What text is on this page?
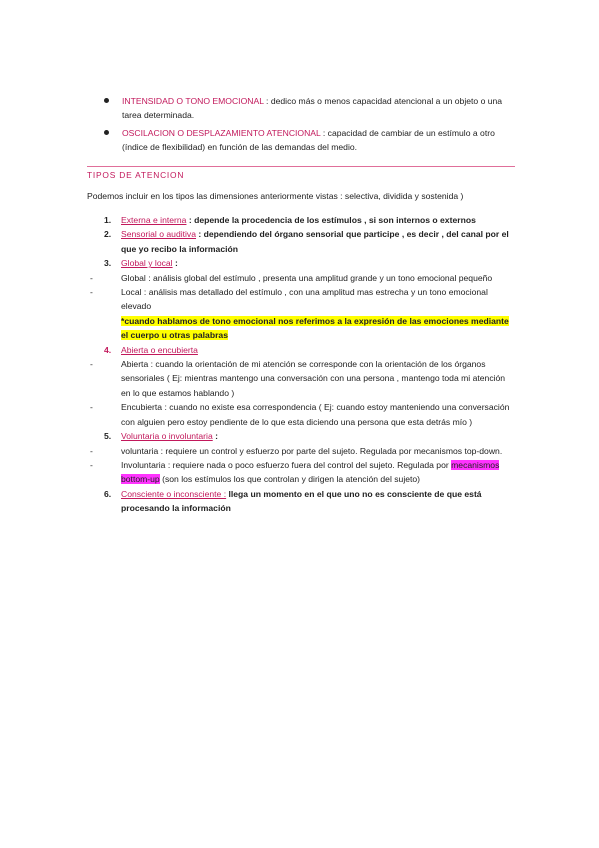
INTENSIDAD O TONO EMOCIONAL : dedico más o menos capacidad atencional a un objeto o una tarea determinada.
OSCILACION O DESPLAZAMIENTO ATENCIONAL : capacidad de cambiar de un estímulo a otro (índice de flexibilidad) en función de las demandas del medio.
TIPOS DE ATENCION
Podemos incluir en los tipos las dimensiones anteriormente vistas : selectiva, dividida y sostenida )
1. Externa e interna : depende la procedencia de los estímulos , si son internos o externos
2. Sensorial o auditiva : dependiendo del órgano sensorial que participe , es decir , del canal por el que yo recibo la información
3. Global y local :
-	Global : análisis global del estímulo , presenta una amplitud grande y un tono emocional pequeño
-	Local : análisis mas detallado del estímulo , con una amplitud mas estrecha y un tono emocional elevado
*cuando hablamos de tono emocional nos referimos a la expresión de las emociones mediante el cuerpo u otras palabras
4. Abierta o encubierta
-	Abierta : cuando la orientación de mi atención se corresponde con la orientación de los órganos sensoriales ( Ej: mientras mantengo una conversación con una persona , mantengo toda mi atención en lo que estamos hablando )
-	Encubierta : cuando no existe esa correspondencia ( Ej: cuando estoy manteniendo una conversación con alguien pero estoy pendiente de lo que esta diciendo una persona que esta detrás mío )
5. Voluntaria o involuntaria :
-	voluntaria : requiere un control y esfuerzo por parte del sujeto. Regulada por mecanismos top-down.
-	Involuntaria : requiere nada o poco esfuerzo fuera del control del sujeto. Regulada por mecanismos bottom-up (son los estímulos los que controlan y dirigen la atención del sujeto)
6. Consciente o inconsciente : llega un momento en el que uno no es consciente de que está procesando la información
